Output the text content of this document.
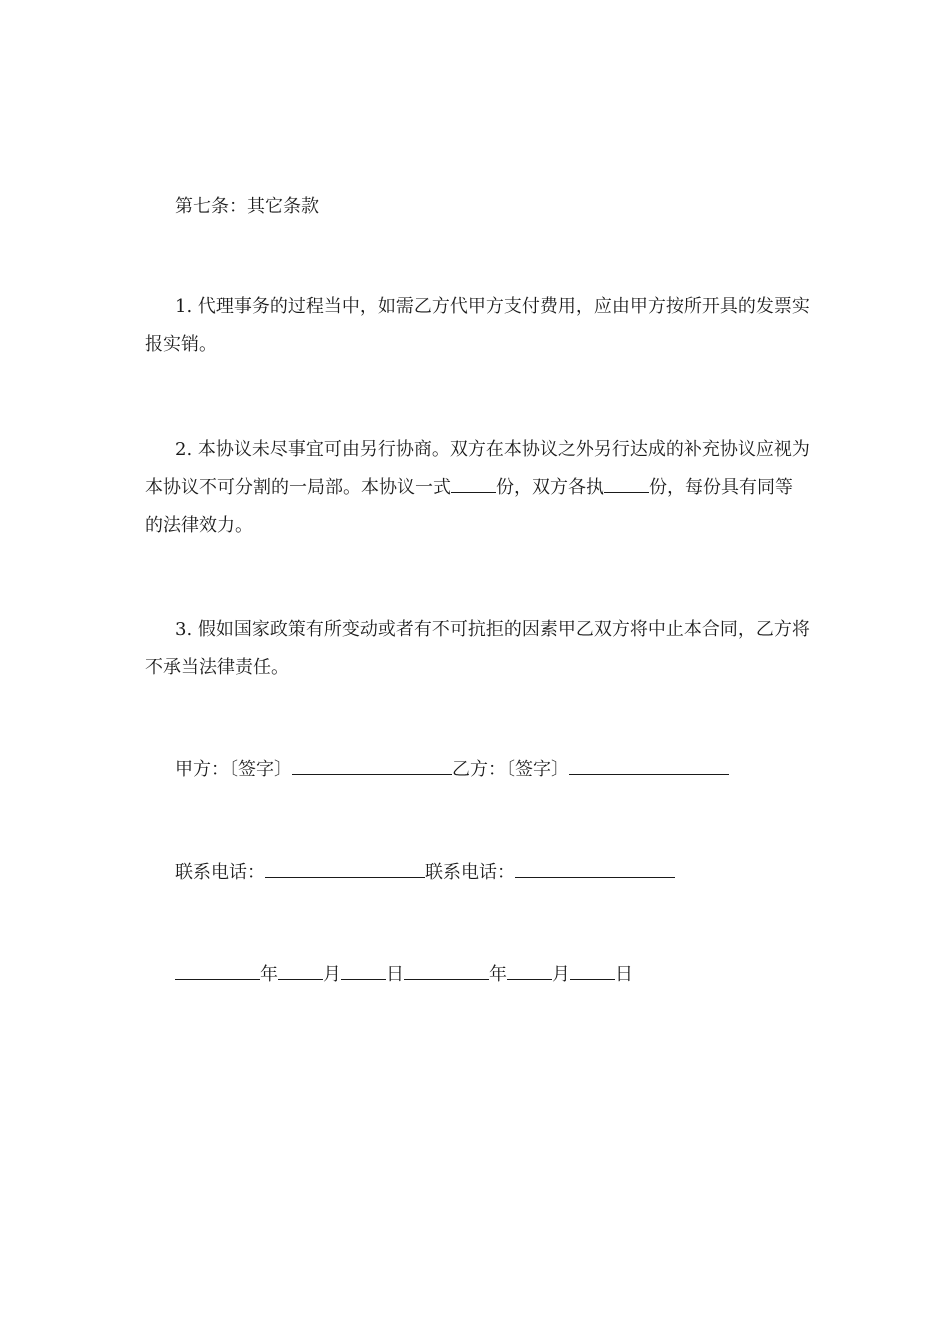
第七条：其它条款
1. 代理事务的过程当中，如需乙方代甲方支付费用，应由甲方按所开具的发票实报实销。
2. 本协议未尽事宜可由另行协商。双方在本协议之外另行达成的补充协议应视为本协议不可分割的一局部。本协议一式	份，双方各执	份，每份具有同等的法律效力。
3. 假如国家政策有所变动或者有不可抗拒的因素甲乙双方将中止本合同，乙方将不承当法律责任。
甲方：〔签字〕	乙方：〔签字〕
联系电话：	联系电话：
年	月	日	年	月	日
